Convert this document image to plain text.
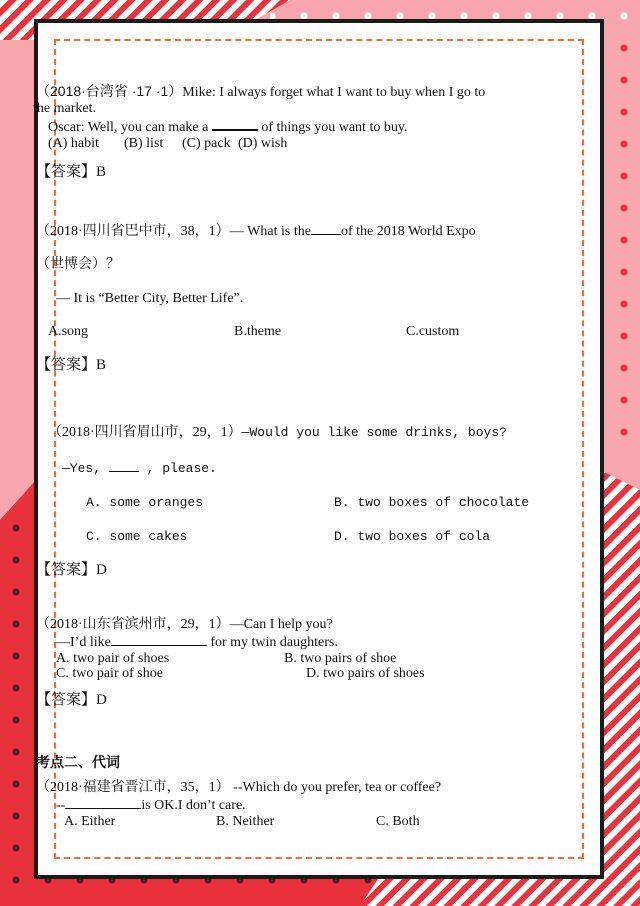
（2018·台湾省 ·17 ·1）Mike: I always forget what I want to buy when I go to
the market.
Oscar: Well, you can make a	of things you want to buy.
(A) habit (B) list (C) pack (D) wish
【答案】B
（2018·四川省巴中市，38，1）— What is the of the 2018 World Expo
（世博会）？
— It is “Better City, Better Life”.
A.song	B.theme	C.custom
【答案】B
（2018·四川省眉山市，29，1）—Would you like some drinks, boys?
—Yes,	, please.
A. some oranges	B. two boxes of chocolate
C. some cakes	D. two boxes of cola
【答案】D
（2018·山东省滨州市，29，1）—Can I help you?
—I’d like	for my twin daughters.
A. two pair of shoes	B. two pairs of shoe
C. two pair of shoe	D. two pairs of shoes
【答案】D
考点二、代词
（2018·福建省晋江市，35，1） --Which do you prefer, tea or coffee?
--	is OK.I don’t care.
A. Either	B. Neither	C. Both
